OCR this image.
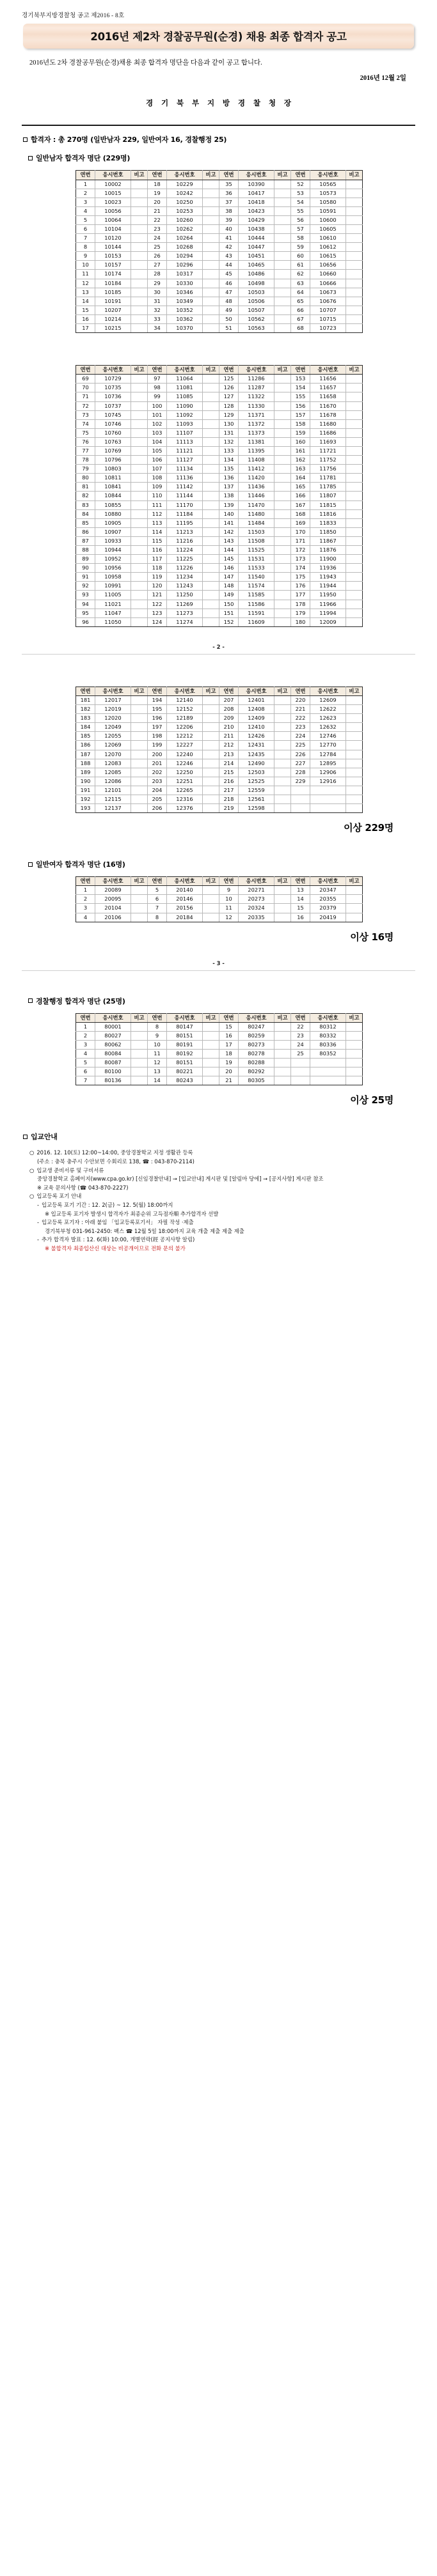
경기북부지방경찰청 공고 제2016 - 8호
2016년 제2차 경찰공무원(순경) 채용 최종 합격자 공고
2016년도 2차 경찰공무원(순경)채용 최종 합격자 명단을 다음과 같이 공고 합니다.
2016년 12월 2일
경 기 북 부 지 방 경 찰 청 장
합격자 : 총 270명 (일반남자 229, 일반여자 16, 경찰행정 25)
일반남자 합격자 명단 (229명)
연번	응시번호	비고	연번	응시번호	비고	연번	응시번호	비고	연번	응시번호	비고
1	10002		18	10229		35	10390		52	10565	
2	10015		19	10242		36	10417		53	10573	
3	10023		20	10250		37	10418		54	10580	
4	10056		21	10253		38	10423		55	10591	
5	10064		22	10260		39	10429		56	10600	
6	10104		23	10262		40	10438		57	10605	
7	10120		24	10264		41	10444		58	10610	
8	10144		25	10268		42	10447		59	10612	
9	10153		26	10294		43	10451		60	10615	
10	10157		27	10296		44	10465		61	10656	
11	10174		28	10317		45	10486		62	10660	
12	10184		29	10330		46	10498		63	10666	
13	10185		30	10346		47	10503		64	10673	
14	10191		31	10349		48	10506		65	10676	
15	10207		32	10352		49	10507		66	10707	
16	10214		33	10362		50	10562		67	10715	
17	10215		34	10370		51	10563		68	10723	
연번	응시번호	비고	연번	응시번호	비고	연번	응시번호	비고	연번	응시번호	비고
69	10729		97	11064		125	11286		153	11656	
70	10735		98	11081		126	11287		154	11657	
71	10736		99	11085		127	11322		155	11658	
72	10737		100	11090		128	11330		156	11670	
73	10745		101	11092		129	11371		157	11678	
74	10746		102	11093		130	11372		158	11680	
75	10760		103	11107		131	11373		159	11686	
76	10763		104	11113		132	11381		160	11693	
77	10769		105	11121		133	11395		161	11721	
78	10796		106	11127		134	11408		162	11752	
79	10803		107	11134		135	11412		163	11756	
80	10811		108	11136		136	11420		164	11781	
81	10841		109	11142		137	11436		165	11785	
82	10844		110	11144		138	11446		166	11807	
83	10855		111	11170		139	11470		167	11815	
84	10880		112	11184		140	11480		168	11816	
85	10905		113	11195		141	11484		169	11833	
86	10907		114	11213		142	11503		170	11850	
87	10933		115	11216		143	11508		171	11867	
88	10944		116	11224		144	11525		172	11876	
89	10952		117	11225		145	11531		173	11900	
90	10956		118	11226		146	11533		174	11936	
91	10958		119	11234		147	11540		175	11943	
92	10991		120	11243		148	11574		176	11944	
93	11005		121	11250		149	11585		177	11950	
94	11021		122	11269		150	11586		178	11966	
95	11047		123	11273		151	11591		179	11994	
96	11050		124	11274		152	11609		180	12009	
- 2 -
연번	응시번호	비고	연번	응시번호	비고	연번	응시번호	비고	연번	응시번호	비고
181	12017		194	12140		207	12401		220	12609	
182	12019		195	12152		208	12408		221	12622	
183	12020		196	12189		209	12409		222	12623	
184	12049		197	12206		210	12410		223	12632	
185	12055		198	12212		211	12426		224	12746	
186	12069		199	12227		212	12431		225	12770	
187	12070		200	12240		213	12435		226	12784	
188	12083		201	12246		214	12490		227	12895	
189	12085		202	12250		215	12503		228	12906	
190	12086		203	12251		216	12525		229	12916	
191	12101		204	12265		217	12559				
192	12115		205	12316		218	12561				
193	12137		206	12376		219	12598				
이상 229명
일반여자 합격자 명단 (16명)
연번	응시번호	비고	연번	응시번호	비고	연번	응시번호	비고	연번	응시번호	비고
1	20089		5	20140		9	20271		13	20347	
2	20095		6	20146		10	20273		14	20355	
3	20104		7	20156		11	20324		15	20379	
4	20106		8	20184		12	20335		16	20419	
이상 16명
- 3 -
경찰행정 합격자 명단 (25명)
연번	응시번호	비고	연번	응시번호	비고	연번	응시번호	비고	연번	응시번호	비고
1	80001		8	80147		15	80247		22	80312	
2	80027		9	80151		16	80259		23	80332	
3	80062		10	80191		17	80273		24	80336	
4	80084		11	80192		18	80278		25	80352	
5	80087		12	80151		19	80288				
6	80100		13	80221		20	80292				
7	80136		14	80243		21	80305				
이상 25명
입교안내
○ 2016. 12. 10(토) 12:00~14:00, 중앙경찰학교 지정 생활관 등록
(주소 : 충북 충주시 수안보면 수회리로 138, ☎ : 043-870-2114)
○ 입교생 준비서류 및 구비서류
중앙경찰학교 홈페이지(www.cpa.go.kr) [신임경찰안내] → [입교안내] 게시판 및 [알림마 당에] → [공지사항] 게시판 참조
※ 교육 문의사항 (☎ 043-870-2227)
○ 입교등록 포기 안내
- 입교등록 포기 기간 : 12. 2(금) ~ 12. 5(월) 18:00까지
※ 입교등록 포기자 발생시 합격자가 최종순위 고득점자順 추가합격자 선발
- 입교등록 포기자 : 아래 붙임 「입교등록포기서」 자필 작성 ·제출
경기북부청 031-961-2450: 팩스 ☎ 12월 5일 18:00까지 교육 개출 제출 제출 제출
- 추가 합격자 발표 : 12. 6(화) 10:00, 개별연락(經 공지사항 알림)
※ 불합격자 최종입산신 대상는 비공개이므로 전화 문의 불가
